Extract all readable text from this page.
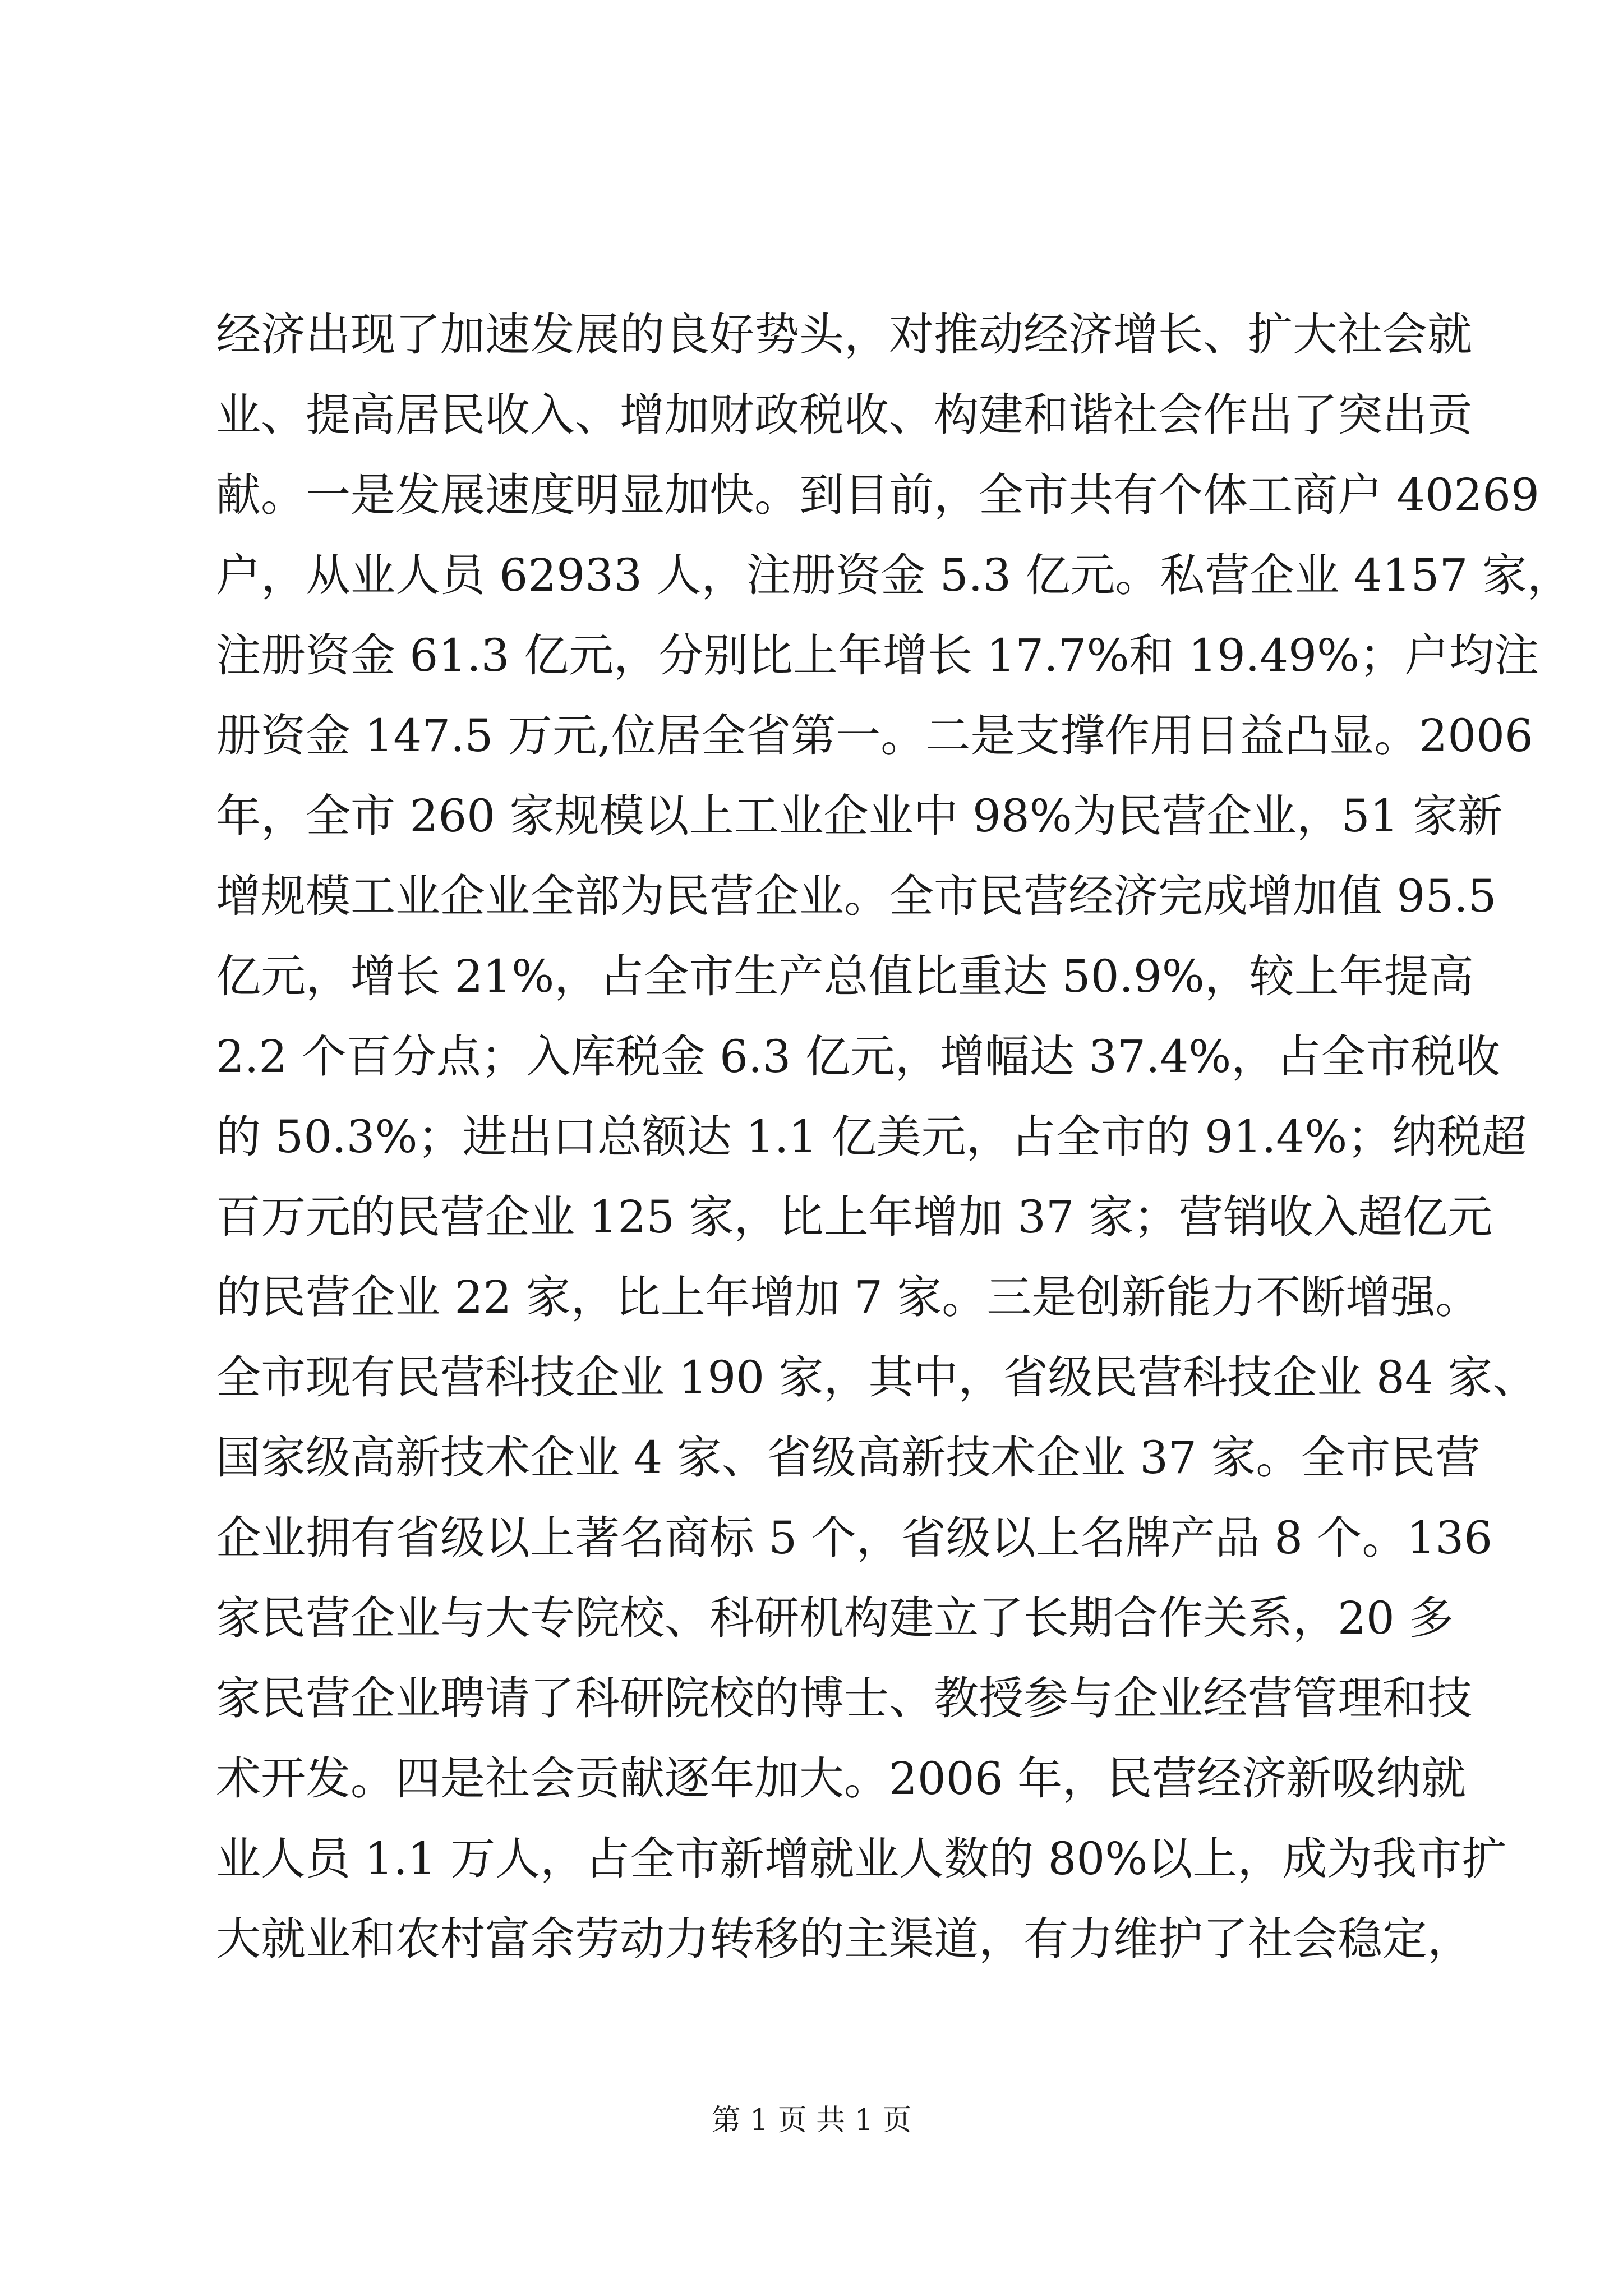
经济出现了加速发展的良好势头，对推动经济增长、扩大社会就
业、提高居民收入、增加财政税收、构建和谐社会作出了突出贡
献。一是发展速度明显加快。到目前，全市共有个体工商户 40269
户，从业人员 62933 人，注册资金 5.3 亿元。私营企业 4157 家，
注册资金 61.3 亿元，分别比上年增长 17.7%和 19.49%；户均注
册资金 147.5 万元,位居全省第一。二是支撑作用日益凸显。2006
年，全市 260 家规模以上工业企业中 98%为民营企业，51 家新
增规模工业企业全部为民营企业。全市民营经济完成增加值 95.5
亿元，增长 21%，占全市生产总值比重达 50.9%，较上年提高
2.2 个百分点；入库税金 6.3 亿元，增幅达 37.4%，占全市税收
的 50.3%；进出口总额达 1.1 亿美元，占全市的 91.4%；纳税超
百万元的民营企业 125 家，比上年增加 37 家；营销收入超亿元
的民营企业 22 家，比上年增加 7 家。三是创新能力不断增强。
全市现有民营科技企业 190 家，其中，省级民营科技企业 84 家、
国家级高新技术企业 4 家、省级高新技术企业 37 家。全市民营
企业拥有省级以上著名商标 5 个，省级以上名牌产品 8 个。136
家民营企业与大专院校、科研机构建立了长期合作关系，20 多
家民营企业聘请了科研院校的博士、教授参与企业经营管理和技
术开发。四是社会贡献逐年加大。2006 年，民营经济新吸纳就
业人员 1.1 万人，占全市新增就业人数的 80%以上，成为我市扩
大就业和农村富余劳动力转移的主渠道，有力维护了社会稳定，
第 1 页 共 1 页
